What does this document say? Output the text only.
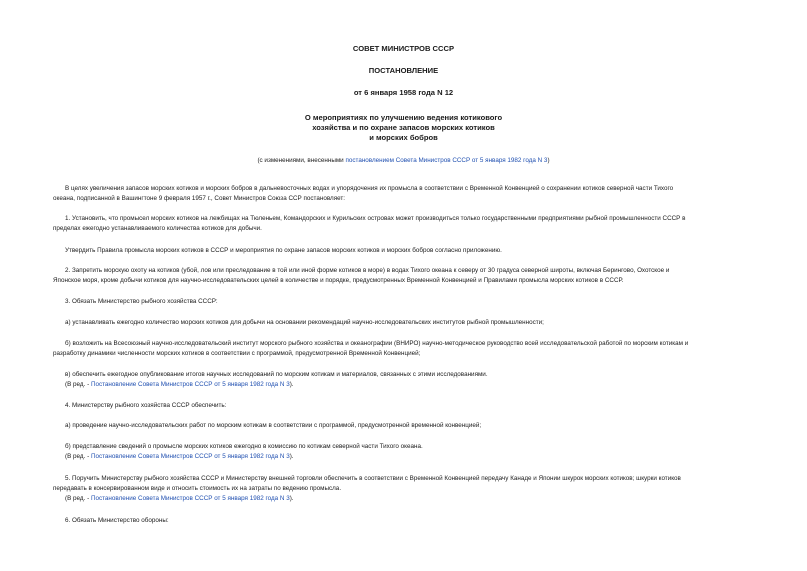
СОВЕТ МИНИСТРОВ СССР
ПОСТАНОВЛЕНИЕ
от 6 января 1958 года N 12
О мероприятиях по улучшению ведения котикового
хозяйства и по охране запасов морских котиков
и морских бобров
(с изменениями, внесенными постановлением Совета Министров СССР от 5 января 1982 года N 3)
В целях увеличения запасов морских котиков и морских бобров в дальневосточных водах и упорядочения их промысла в соответствии с Временной Конвенцией о сохранении котиков северной части Тихого
океана, подписанной в Вашингтоне 9 февраля 1957 г., Совет Министров Союза ССР постановляет:
1. Установить, что промысел морских котиков на лежбищах на Тюленьем, Командорских и Курильских островах может производиться только государственными предприятиями рыбной промышленности СССР в
пределах ежегодно устанавливаемого количества котиков для добычи.
Утвердить Правила промысла морских котиков в СССР и мероприятия по охране запасов морских котиков и морских бобров согласно приложению.
2. Запретить морскую охоту на котиков (убой, лов или преследование в той или иной форме котиков в море) в водах Тихого океана к северу от 30 градуса северной широты, включая Берингово, Охотское и
Японское моря, кроме добычи котиков для научно-исследовательских целей в количестве и порядке, предусмотренных Временной Конвенцией и Правилами промысла морских котиков в СССР.
3. Обязать Министерство рыбного хозяйства СССР:
а) устанавливать ежегодно количество морских котиков для добычи на основании рекомендаций научно-исследовательских институтов рыбной промышленности;
б) возложить на Всесоюзный научно-исследовательский институт морского рыбного хозяйства и океанографии (ВНИРО) научно-методическое руководство всей исследовательской работой по морским котикам и
разработку динамики численности морских котиков в соответствии с программой, предусмотренной Временной Конвенцией;
в) обеспечить ежегодное опубликование итогов научных исследований по морским котикам и материалов, связанных с этими исследованиями.
(В ред. - Постановление Совета Министров СССР от 5 января 1982 года N 3).
4. Министерству рыбного хозяйства СССР обеспечить:
а) проведение научно-исследовательских работ по морским котикам в соответствии с программой, предусмотренной временной конвенцией;
б) представление сведений о промысле морских котиков ежегодно в комиссию по котикам северной части Тихого океана.
(В ред. - Постановление Совета Министров СССР от 5 января 1982 года N 3).
5. Поручить Министерству рыбного хозяйства СССР и Министерству внешней торговли обеспечить в соответствии с Временной Конвенцией передачу Канаде и Японии шкурок морских котиков; шкурки котиков
передавать в консервированном виде и относить стоимость их на затраты по ведению промысла.
(В ред. - Постановление Совета Министров СССР от 5 января 1982 года N 3).
6. Обязать Министерство обороны:
